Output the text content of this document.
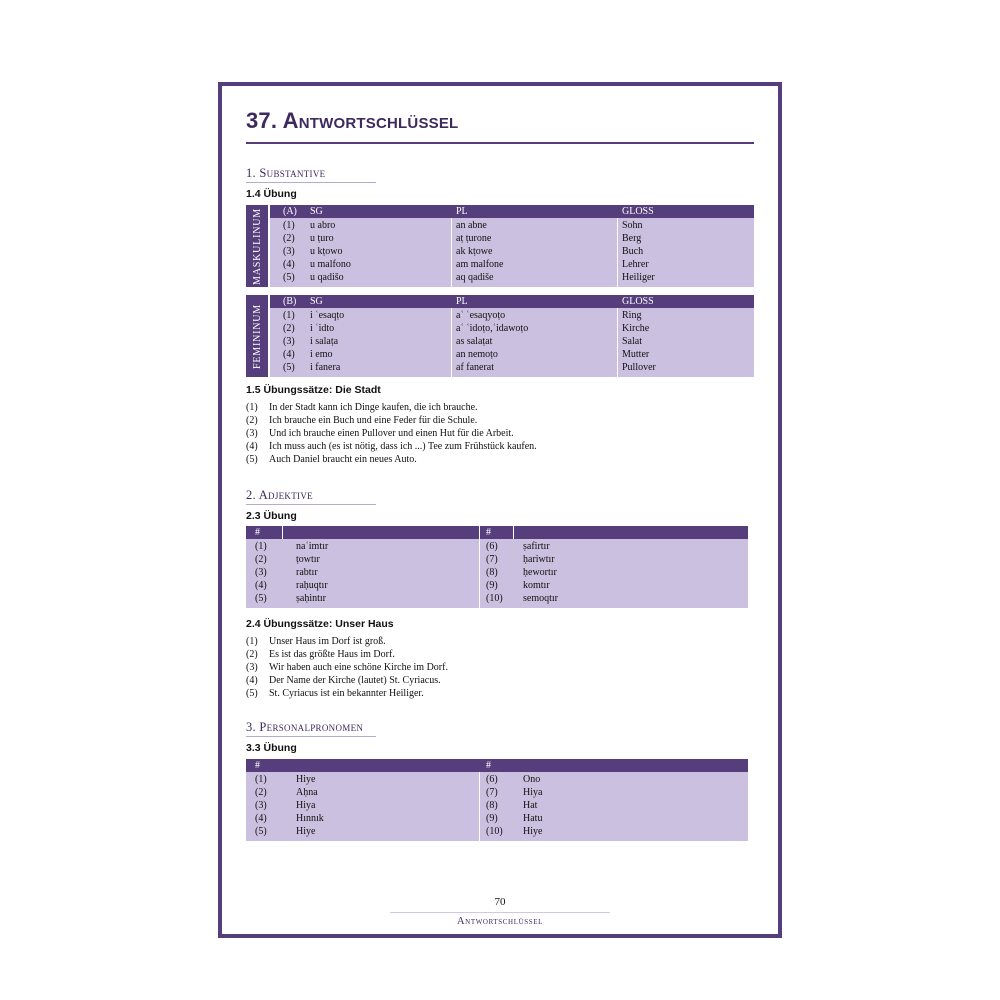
37. Antwortschlüssel
1. Substantive
1.4 Übung
MASKULINUM (A) SG	PL	GLOSS
(1) u abro	an abne	Sohn
(2) u ṭuro	aṭ ṭurone	Berg
(3) u kṭowo	ak kṭowe	Buch
(4) u malfono	am malfone	Lehrer
(5) u qadišo	aq qadiše	Heiliger
FEMININUM
(B) SG	PL	GLOSS
(1) i ʿesaqṭo	aʿ ʿesaqyoṭo	Ring
(2) i ʿidto	aʿ ʿidoṭo,ʿidawoṭo	Kirche
(3) i salaṭa	as salaṭat	Salat
(4) i emo	an nemoṭo	Mutter
(5) i fanera	af fanerat	Pullover
1.5 Übungssätze: Die Stadt
(1) In der Stadt kann ich Dinge kaufen, die ich brauche.
(2) Ich brauche ein Buch und eine Feder für die Schule.
(3) Und ich brauche einen Pullover und einen Hut für die Arbeit.
(4) Ich muss auch (es ist nötig, dass ich ...) Tee zum Frühstück kaufen.
(5) Auch Daniel braucht ein neues Auto.
2. Adjektive
2.3 Übung
#	#
(1)	naʿimtır	(6)	ṣafirtır
(2)	ṭowtır	(7)	ḥariwtır
(3)	rabtır	(8)	ḥewortır
(4)	raḥuqtır	(9)	komtır
(5)	ṣaḥintır	(10) semoqtır
2.4 Übungssätze: Unser Haus
(1) Unser Haus im Dorf ist groß.
(2) Es ist das größte Haus im Dorf.
(3) Wir haben auch eine schöne Kirche im Dorf.
(4) Der Name der Kirche (lautet) St. Cyriacus.
(5) St. Cyriacus ist ein bekannter Heiliger.
3. Personalpronomen
3.3 Übung
#	#
(1)	Hiye	(6)	Ono
(2)	Aḥna	(7)	Hiya
(3)	Hiya	(8)	Hat
(4)	Hınnık	(9)	Hatu
(5)	Hiye	(10) Hiye
70
Antwortschlüssel
